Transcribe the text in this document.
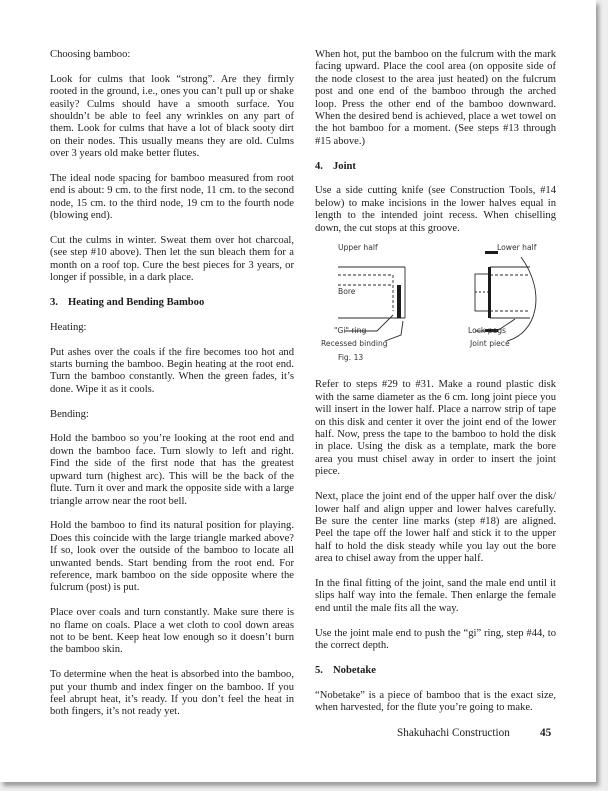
Choosing bamboo:

Look for culms that look “strong”. Are they firmly rooted in the ground, i.e., ones you can’t pull up or shake easily? Culms should have a smooth surface. You shouldn’t be able to feel any wrinkles on any part of them. Look for culms that have a lot of black sooty dirt on their nodes. This usually means they are old. Culms over 3 years old make better flutes.

The ideal node spacing for bamboo measured from root end is about: 9 cm. to the first node, 11 cm. to the second node, 15 cm. to the third node, 19 cm to the fourth node (blowing end).

Cut the culms in winter. Sweat them over hot charcoal, (see step #10 above). Then let the sun bleach them for a month on a roof top. Cure the best pieces for 3 years, or longer if possible, in a dark place.

3. Heating and Bending Bamboo

Heating:

Put ashes over the coals if the fire becomes too hot and starts burning the bamboo. Begin heating at the root end. Turn the bamboo constantly. When the green fades, it’s done. Wipe it as it cools.

Bending:

Hold the bamboo so you’re looking at the root end and down the bamboo face. Turn slowly to left and right. Find the side of the first node that has the greatest upward turn (highest arc). This will be the back of the flute. Turn it over and mark the opposite side with a large triangle arrow near the root bell.

Hold the bamboo to find its natural position for playing. Does this coincide with the large triangle marked above? If so, look over the outside of the bamboo to locate all unwanted bends. Start bending from the root end. For reference, mark bamboo on the side opposite where the fulcrum (post) is put.

Place over coals and turn constantly. Make sure there is no flame on coals. Place a wet cloth to cool down areas not to be bent. Keep heat low enough so it doesn’t burn the bamboo skin.

To determine when the heat is absorbed into the bamboo, put your thumb and index finger on the bamboo. If you feel abrupt heat, it’s ready. If you don’t feel the heat in both fingers, it’s not ready yet.

When hot, put the bamboo on the fulcrum with the mark facing upward. Place the cool area (on opposite side of the node closest to the area just heated) on the fulcrum post and one end of the bamboo through the arched loop. Press the other end of the bamboo downward. When the desired bend is achieved, place a wet towel on the hot bamboo for a moment. (See steps #13 through #15 above.)

4. Joint

Use a side cutting knife (see Construction Tools, #14 below) to make incisions in the lower halves equal in length to the intended joint recess. When chiselling down, the cut stops at this groove.

Upper half	Lower half
Bore
"Gi" ring
Recessed binding
Lock pegs
Joint piece
Fig. 13

Refer to steps #29 to #31. Make a round plastic disk with the same diameter as the 6 cm. long joint piece you will insert in the lower half. Place a narrow strip of tape on this disk and center it over the joint end of the lower half. Now, press the tape to the bamboo to hold the disk in place. Using the disk as a template, mark the bore area you must chisel away in order to insert the joint piece.

Next, place the joint end of the upper half over the disk/ lower half and align upper and lower halves carefully. Be sure the center line marks (step #18) are aligned. Peel the tape off the lower half and stick it to the upper half to hold the disk steady while you lay out the bore area to chisel away from the upper half.

In the final fitting of the joint, sand the male end until it slips half way into the female. Then enlarge the female end until the male fits all the way.

Use the joint male end to push the “gi” ring, step #44, to the correct depth.

5. Nobetake

“Nobetake” is a piece of bamboo that is the exact size, when harvested, for the flute you’re going to make.

Shakuhachi Construction	45
